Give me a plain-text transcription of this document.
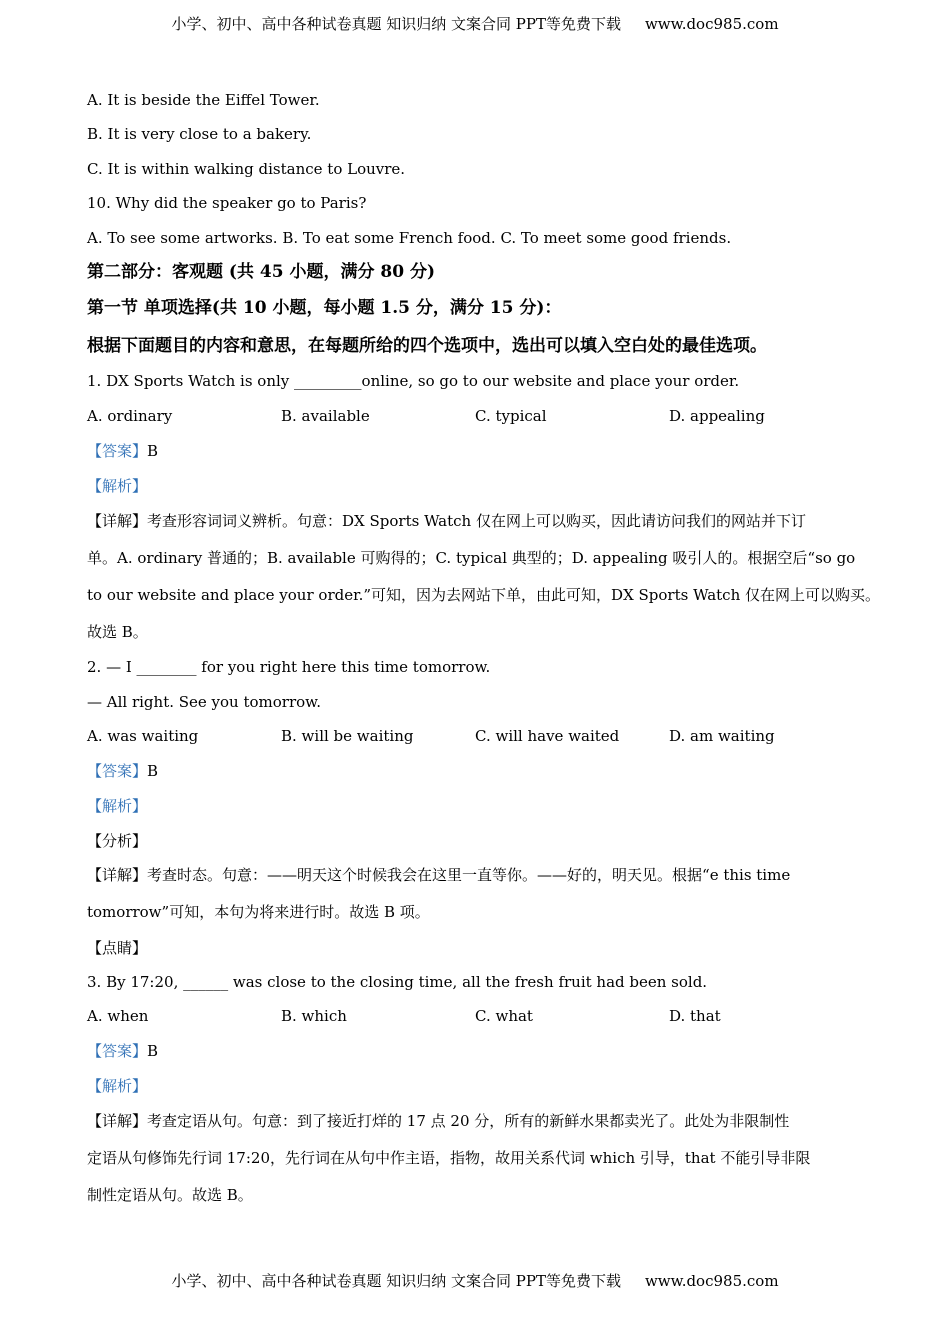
小学、初中、高中各种试卷真题 知识归纳 文案合同 PPT等免费下载 www.doc985.com
A. It is beside the Eiffel Tower.
B. It is very close to a bakery.
C. It is within walking distance to Louvre.
10. Why did the speaker go to Paris?
A. To see some artworks. B. To eat some French food. C. To meet some good friends.
第二部分：客观题 (共 45 小题，满分 80 分)
第一节 单项选择(共 10 小题，每小题 1.5 分，满分 15 分)：
根据下面题目的内容和意思，在每题所给的四个选项中，选出可以填入空白处的最佳选项。
1. DX Sports Watch is only _________online, so go to our website and place your order.
A. ordinary	B. available	C. typical	D. appealing
【答案】B
【解析】
【详解】考查形容词词义辨析。句意：DX Sports Watch 仅在网上可以购买，因此请访问我们的网站并下订
单。A. ordinary 普通的；B. available 可购得的；C. typical 典型的；D. appealing 吸引人的。根据空后“so go
to our website and place your order.”可知，因为去网站下单，由此可知，DX Sports Watch 仅在网上可以购买。
故选 B。
2. — I ________ for you right here this time tomorrow.
— All right. See you tomorrow.
A. was waiting	B. will be waiting	C. will have waited	D. am waiting
【答案】B
【解析】
【分析】
【详解】考查时态。句意：——明天这个时候我会在这里一直等你。——好的，明天见。根据“e this time
tomorrow”可知，本句为将来进行时。故选 B 项。
【点睛】
3. By 17:20, ______ was close to the closing time, all the fresh fruit had been sold.
A. when	B. which	C. what	D. that
【答案】B
【解析】
【详解】考查定语从句。句意：到了接近打烊的 17 点 20 分，所有的新鲜水果都卖光了。此处为非限制性
定语从句修饰先行词 17:20，先行词在从句中作主语，指物，故用关系代词 which 引导，that 不能引导非限
制性定语从句。故选 B。
小学、初中、高中各种试卷真题 知识归纳 文案合同 PPT等免费下载 www.doc985.com
